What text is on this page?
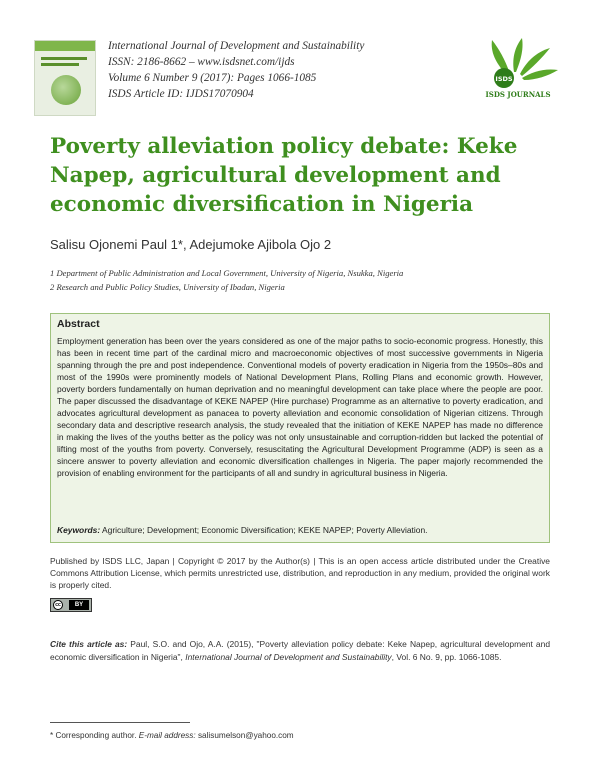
International Journal of Development and Sustainability
ISSN: 2186-8662 – www.isdsnet.com/ijds
Volume 6 Number 9 (2017): Pages 1066-1085
ISDS Article ID: IJDS17070904
ISDS
ISDS JOURNALS
Poverty alleviation policy debate: Keke Napep, agricultural development and economic diversification in Nigeria
Salisu Ojonemi Paul 1*, Adejumoke Ajibola Ojo 2
1 Department of Public Administration and Local Government, University of Nigeria, Nsukka, Nigeria
2 Research and Public Policy Studies, University of Ibadan, Nigeria
Abstract
Employment generation has been over the years considered as one of the major paths to socio-economic progress. Honestly, this has been in recent time part of the cardinal micro and macroeconomic objectives of most successive governments in Nigeria spanning through the pre and post independence. Conventional models of poverty eradication in Nigeria from the 1950s–80s and most of the 1990s were prominently models of National Development Plans, Rolling Plans and economic growth. However, poverty borders fundamentally on human deprivation and no meaningful development can take place where the people are poor. The paper discussed the disadvantage of KEKE NAPEP (Hire purchase) Programme as an alternative to poverty eradication, and advocates agricultural development as panacea to poverty alleviation and economic consolidation of Nigerian citizens. Through secondary data and descriptive research analysis, the study revealed that the initiation of KEKE NAPEP has made no difference in making the lives of the youths better as the policy was not only unsustainable and corruption-ridden but lacked the potential of lifting most of the youths from poverty. Conversely, resuscitating the Agricultural Development Programme (ADP) is seen as a sincere answer to poverty alleviation and economic diversification challenges in Nigeria. The paper majorly recommended the provision of enabling environment for the participants of all and sundry in agricultural business in Nigeria.
Keywords: Agriculture; Development; Economic Diversification; KEKE NAPEP; Poverty Alleviation.
Published by ISDS LLC, Japan | Copyright © 2017 by the Author(s) | This is an open access article distributed under the Creative Commons Attribution License, which permits unrestricted use, distribution, and reproduction in any medium, provided the original work is properly cited.
cc	BY
Cite this article as: Paul, S.O. and Ojo, A.A. (2015), "Poverty alleviation policy debate: Keke Napep, agricultural development and economic diversification in Nigeria", International Journal of Development and Sustainability, Vol. 6 No. 9, pp. 1066-1085.
* Corresponding author. E-mail address: salisumelson@yahoo.com
